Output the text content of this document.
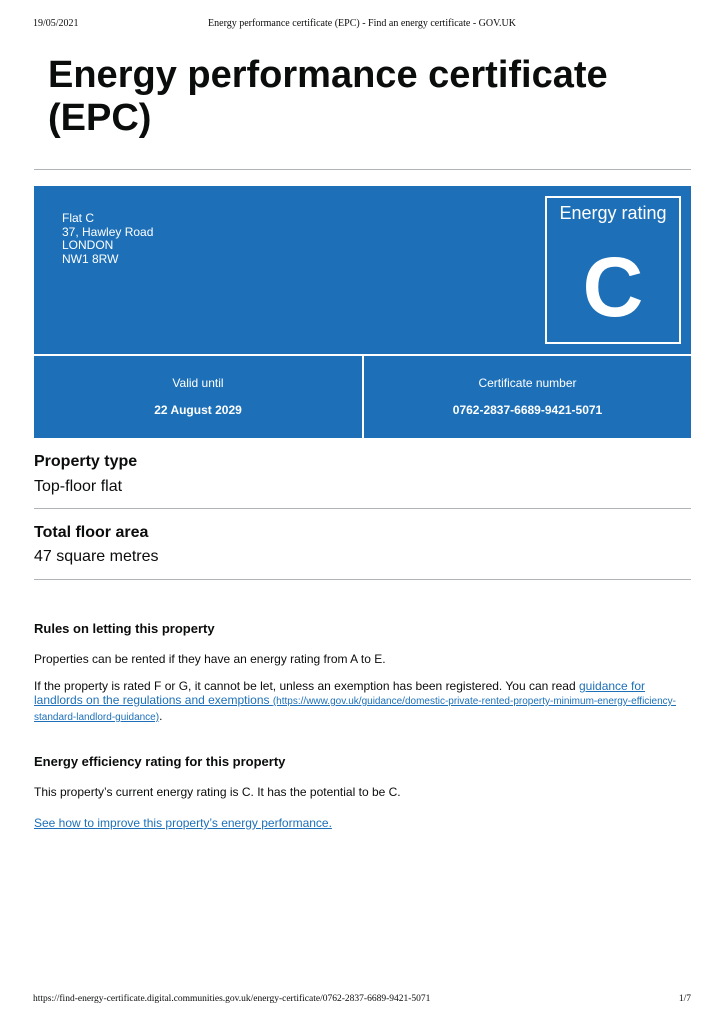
19/05/2021	Energy performance certificate (EPC) - Find an energy certificate - GOV.UK
Energy performance certificate (EPC)
Flat C
37, Hawley Road
LONDON
NW1 8RW
Energy rating
C
Valid until
22 August 2029
Certificate number
0762-2837-6689-9421-5071
Property type
Top-floor flat
Total floor area
47 square metres
Rules on letting this property

Properties can be rented if they have an energy rating from A to E.

If the property is rated F or G, it cannot be let, unless an exemption has been registered. You can read guidance for landlords on the regulations and exemptions (https://www.gov.uk/guidance/domestic-private-rented-property-minimum-energy-efficiency-standard-landlord-guidance).

Energy efficiency rating for this property

This property’s current energy rating is C. It has the potential to be C.

See how to improve this property’s energy performance.

https://find-energy-certificate.digital.communities.gov.uk/energy-certificate/0762-2837-6689-9421-5071	1/7
